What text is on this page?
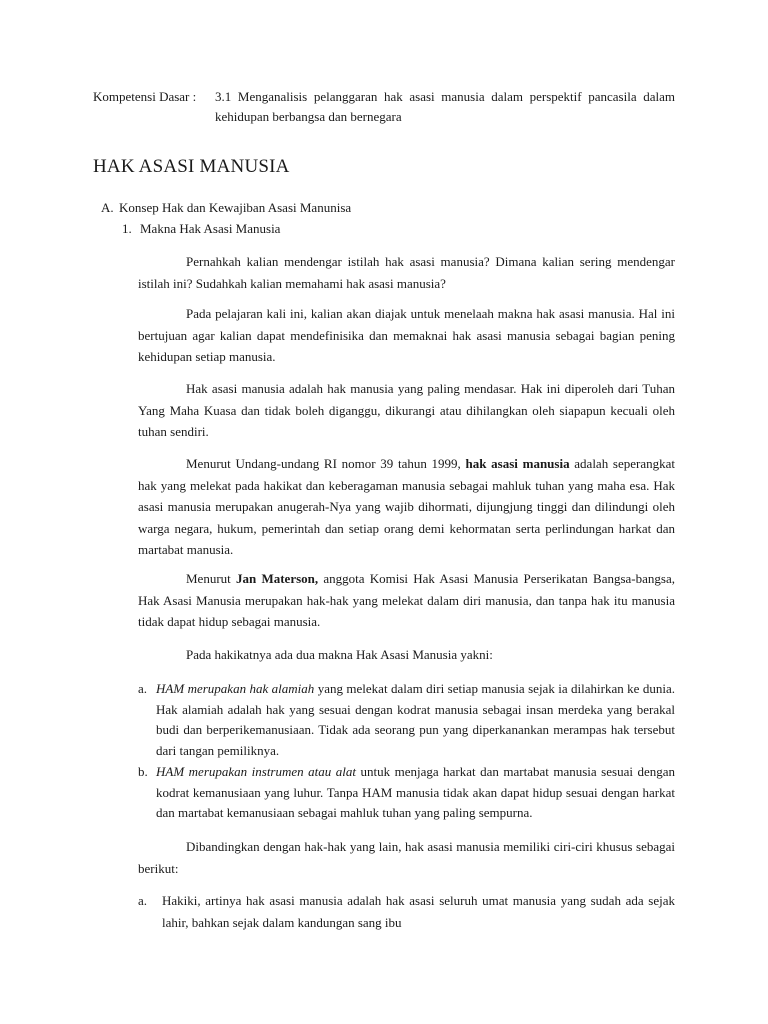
Kompetensi Dasar : 3.1 Menganalisis pelanggaran hak asasi manusia dalam perspektif pancasila dalam kehidupan berbangsa dan bernegara
HAK ASASI MANUSIA
A. Konsep Hak dan Kewajiban Asasi Manunisa
1. Makna Hak Asasi Manusia

Pernahkah kalian mendengar istilah hak asasi manusia? Dimana kalian sering mendengar istilah ini? Sudahkah kalian memahami hak asasi manusia?

Pada pelajaran kali ini, kalian akan diajak untuk menelaah makna hak asasi manusia. Hal ini bertujuan agar kalian dapat mendefinisika dan memaknai hak asasi manusia sebagai bagian pening kehidupan setiap manusia.

Hak asasi manusia adalah hak manusia yang paling mendasar. Hak ini diperoleh dari Tuhan Yang Maha Kuasa dan tidak boleh diganggu, dikurangi atau dihilangkan oleh siapapun kecuali oleh tuhan sendiri.

Menurut Undang-undang RI nomor 39 tahun 1999, hak asasi manusia adalah seperangkat hak yang melekat pada hakikat dan keberagaman manusia sebagai mahluk tuhan yang maha esa. Hak asasi manusia merupakan anugerah-Nya yang wajib dihormati, dijungjung tinggi dan dilindungi oleh warga negara, hukum, pemerintah dan setiap orang demi kehormatan serta perlindungan harkat dan martabat manusia.

Menurut Jan Materson, anggota Komisi Hak Asasi Manusia Perserikatan Bangsa-bangsa, Hak Asasi Manusia merupakan hak-hak yang melekat dalam diri manusia, dan tanpa hak itu manusia tidak dapat hidup sebagai manusia.

Pada hakikatnya ada dua makna Hak Asasi Manusia yakni:

a. HAM merupakan hak alamiah yang melekat dalam diri setiap manusia sejak ia dilahirkan ke dunia. Hak alamiah adalah hak yang sesuai dengan kodrat manusia sebagai insan merdeka yang berakal budi dan berperikemanusiaan. Tidak ada seorang pun yang diperkanankan merampas hak tersebut dari tangan pemiliknya.
b. HAM merupakan instrumen atau alat untuk menjaga harkat dan martabat manusia sesuai dengan kodrat kemanusiaan yang luhur. Tanpa HAM manusia tidak akan dapat hidup sesuai dengan harkat dan martabat kemanusiaan sebagai mahluk tuhan yang paling sempurna.

Dibandingkan dengan hak-hak yang lain, hak asasi manusia memiliki ciri-ciri khusus sebagai berikut:

a. Hakiki, artinya hak asasi manusia adalah hak asasi seluruh umat manusia yang sudah ada sejak lahir, bahkan sejak dalam kandungan sang ibu
